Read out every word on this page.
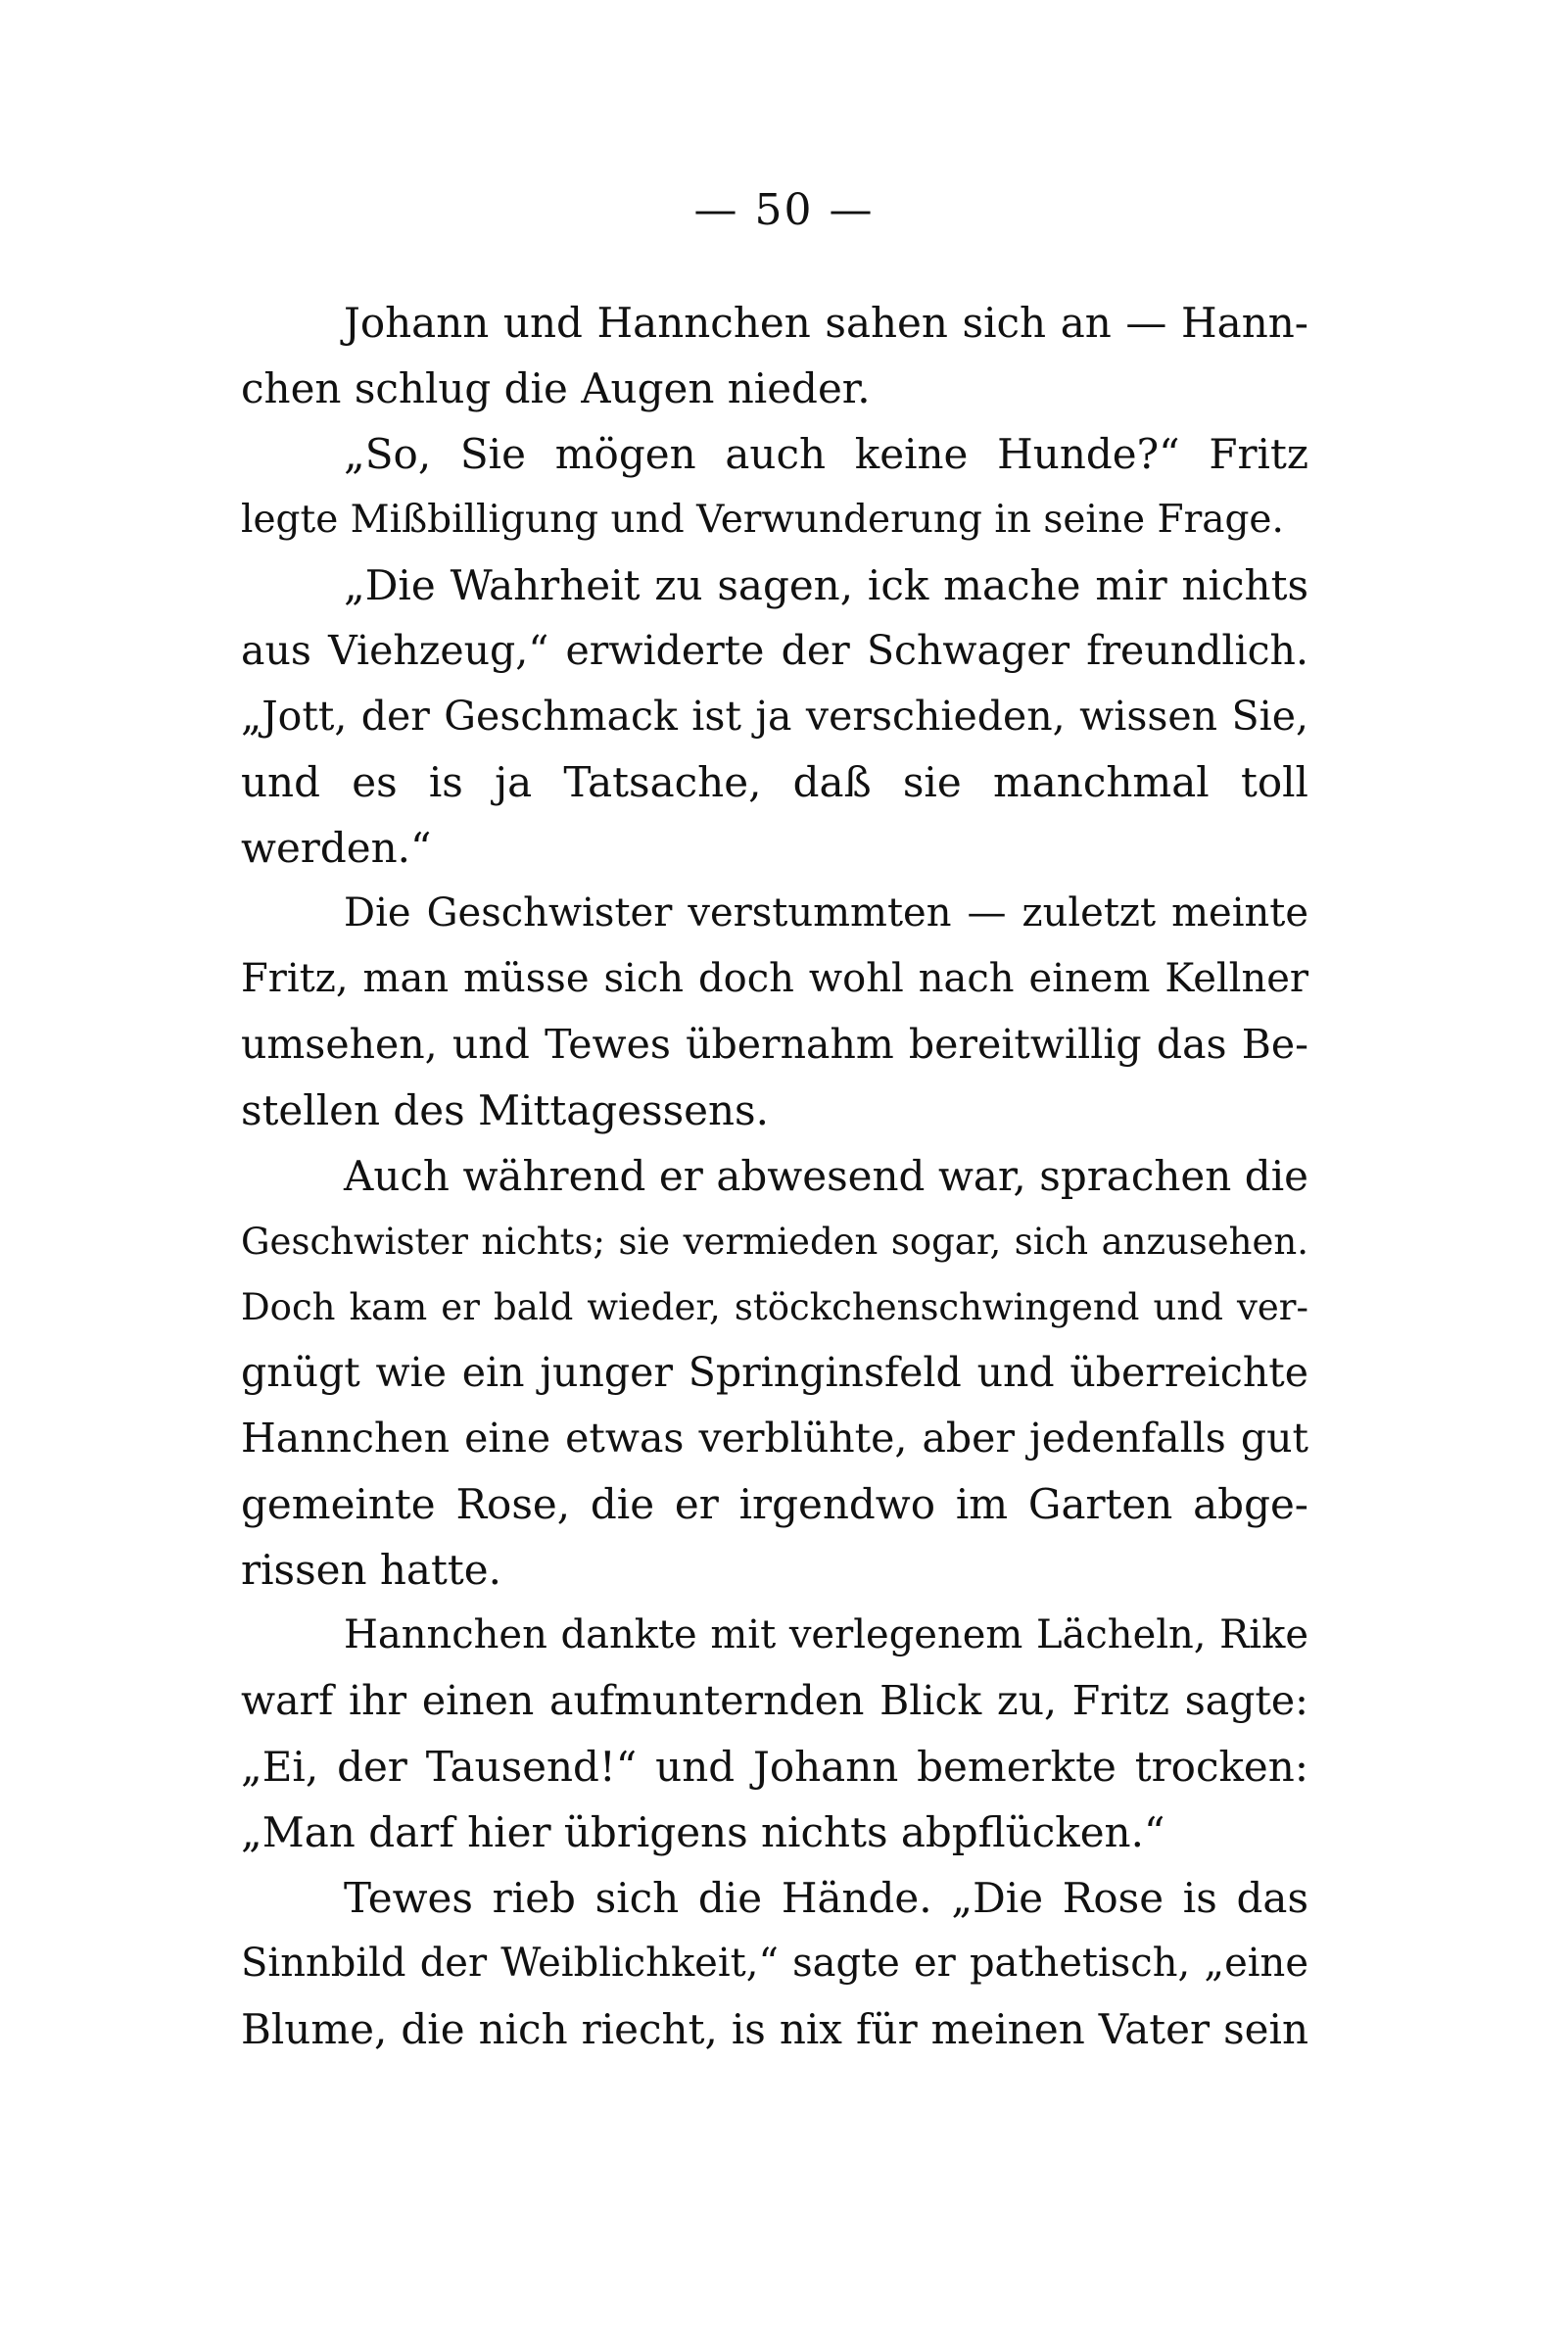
— 50 —
Johann und Hannchen sahen sich an — Hann-
chen schlug die Augen nieder.
„So, Sie mögen auch keine Hunde?“ Fritz
legte Mißbilligung und Verwunderung in seine Frage.
„Die Wahrheit zu sagen, ick mache mir nichts
aus Viehzeug,“ erwiderte der Schwager freundlich.
„Jott, der Geschmack ist ja verschieden, wissen Sie,
und es is ja Tatsache, daß sie manchmal toll
werden.“
Die Geschwister verstummten — zuletzt meinte
Fritz, man müsse sich doch wohl nach einem Kellner
umsehen, und Tewes übernahm bereitwillig das Be-
stellen des Mittagessens.
Auch während er abwesend war, sprachen die
Geschwister nichts; sie vermieden sogar, sich anzusehen.
Doch kam er bald wieder, stöckchenschwingend und ver-
gnügt wie ein junger Springinsfeld und überreichte
Hannchen eine etwas verblühte, aber jedenfalls gut
gemeinte Rose, die er irgendwo im Garten abge-
rissen hatte.
Hannchen dankte mit verlegenem Lächeln, Rike
warf ihr einen aufmunternden Blick zu, Fritz sagte:
„Ei, der Tausend!“ und Johann bemerkte trocken:
„Man darf hier übrigens nichts abpflücken.“
Tewes rieb sich die Hände. „Die Rose is das
Sinnbild der Weiblichkeit,“ sagte er pathetisch, „eine
Blume, die nich riecht, is nix für meinen Vater sein
